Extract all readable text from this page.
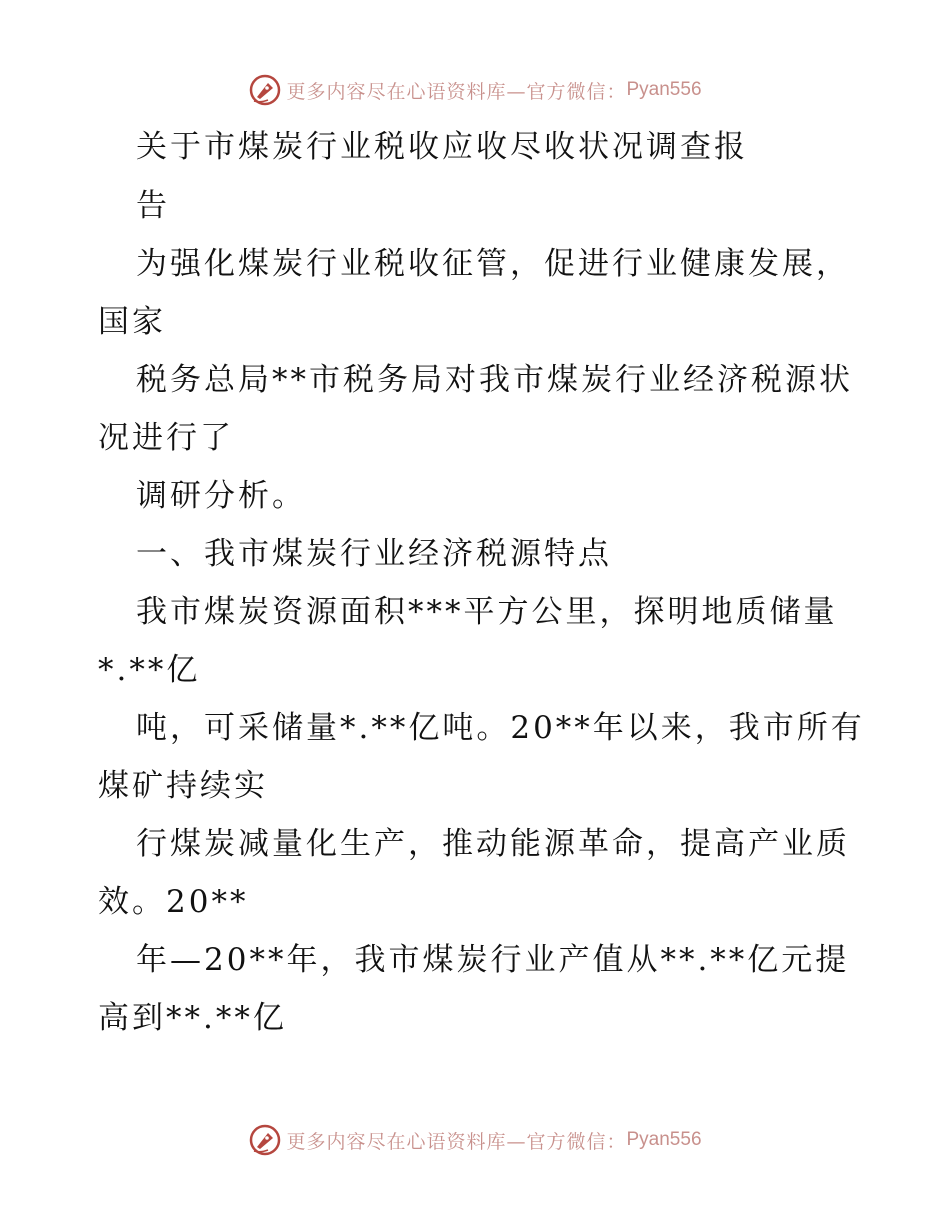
更多内容尽在心语资料库—官方微信： Pyan556
关于市煤炭行业税收应收尽收状况调查报
告
为强化煤炭行业税收征管，促进行业健康发展，
国家
税务总局**市税务局对我市煤炭行业经济税源状
况进行了
调研分析。
一、我市煤炭行业经济税源特点
我市煤炭资源面积***平方公里，探明地质储量
*.**亿
吨，可采储量*.**亿吨。20**年以来，我市所有
煤矿持续实
行煤炭减量化生产，推动能源革命，提高产业质
效。20**
年—20**年，我市煤炭行业产值从**.**亿元提
高到**.**亿
更多内容尽在心语资料库—官方微信： Pyan556
